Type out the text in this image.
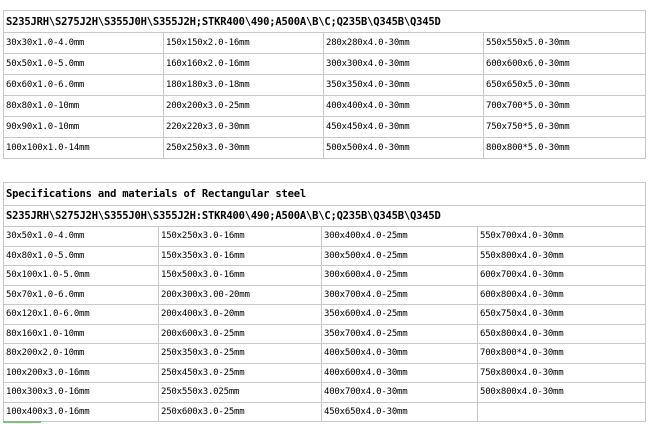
S235JRH\S275J2H\S355J0H\S355J2H;STKR400\490;A500A\B\C;Q235B\Q345B\Q345D			
30x30x1.0-4.0mm	150x150x2.0-16mm	280x280x4.0-30mm	550x550x5.0-30mm
50x50x1.0-5.0mm	160x160x2.0-16mm	300x300x4.0-30mm	600x600x6.0-30mm
60x60x1.0-6.0mm	180x180x3.0-18mm	350x350x4.0-30mm	650x650x5.0-30mm
80x80x1.0-10mm	200x200x3.0-25mm	400x400x4.0-30mm	700x700*5.0-30mm
90x90x1.0-10mm	220x220x3.0-30mm	450x450x4.0-30mm	750x750*5.0-30mm
100x100x1.0-14mm	250x250x3.0-30mm	500x500x4.0-30mm	800x800*5.0-30mm
Specifications and materials of Rectangular steel			
S235JRH\S275J2H\S355J0H\S355J2H:STKR400\490;A500A\B\C;Q235B\Q345B\Q345D			
30x50x1.0-4.0mm	150x250x3.0-16mm	300x400x4.0-25mm	550x700x4.0-30mm
40x80x1.0-5.0mm	150x350x3.0-16mm	300x500x4.0-25mm	550x800x4.0-30mm
50x100x1.0-5.0mm	150x500x3.0-16mm	300x600x4.0-25mm	600x700x4.0-30mm
50x70x1.0-6.0mm	200x300x3.00-20mm	300x700x4.0-25mm	600x800x4.0-30mm
60x120x1.0-6.0mm	200x400x3.0-20mm	350x600x4.0-25mm	650x750x4.0-30mm
80x160x1.0-10mm	200x600x3.0-25mm	350x700x4.0-25mm	650x800x4.0-30mm
80x200x2.0-10mm	250x350x3.0-25mm	400x500x4.0-30mm	700x800*4.0-30mm
100x200x3.0-16mm	250x450x3.0-25mm	400x600x4.0-30mm	750x800x4.0-30mm
100x300x3.0-16mm	250x550x3.025mm	400x700x4.0-30mm	500x800x4.0-30mm
100x400x3.0-16mm	250x600x3.0-25mm	450x650x4.0-30mm	
